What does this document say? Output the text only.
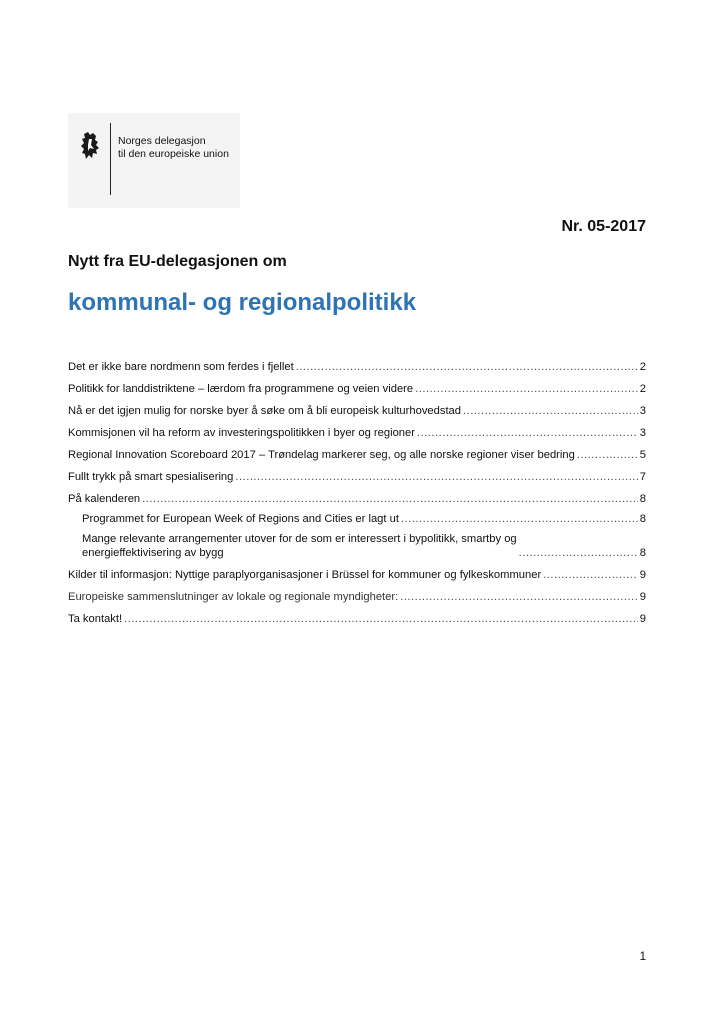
Norges delegasjon
til den europeiske union
Nr. 05-2017
Nytt fra EU-delegasjonen om
kommunal- og regionalpolitikk
Det er ikke bare nordmenn som ferdes i fjellet .....	2
Politikk for landdistriktene – lærdom fra programmene og veien videre .....	2
Nå er det igjen mulig for norske byer å søke om å bli europeisk kulturhovedstad .....	3
Kommisjonen vil ha reform av investeringspolitikken i byer og regioner .....	3
Regional Innovation Scoreboard 2017 – Trøndelag markerer seg, og alle norske regioner viser bedring .....	5
Fullt trykk på smart spesialisering .....	7
På kalenderen .....	8
Programmet for European Week of Regions and Cities er lagt ut .....	8
Mange relevante arrangementer utover for de som er interessert i bypolitikk, smartby og
energieffektivisering av bygg .....	8
Kilder til informasjon: Nyttige paraplyorganisasjoner i Brüssel for kommuner og fylkeskommuner .....	9
Europeiske sammenslutninger av lokale og regionale myndigheter: .....	9
Ta kontakt! .....	9
1
